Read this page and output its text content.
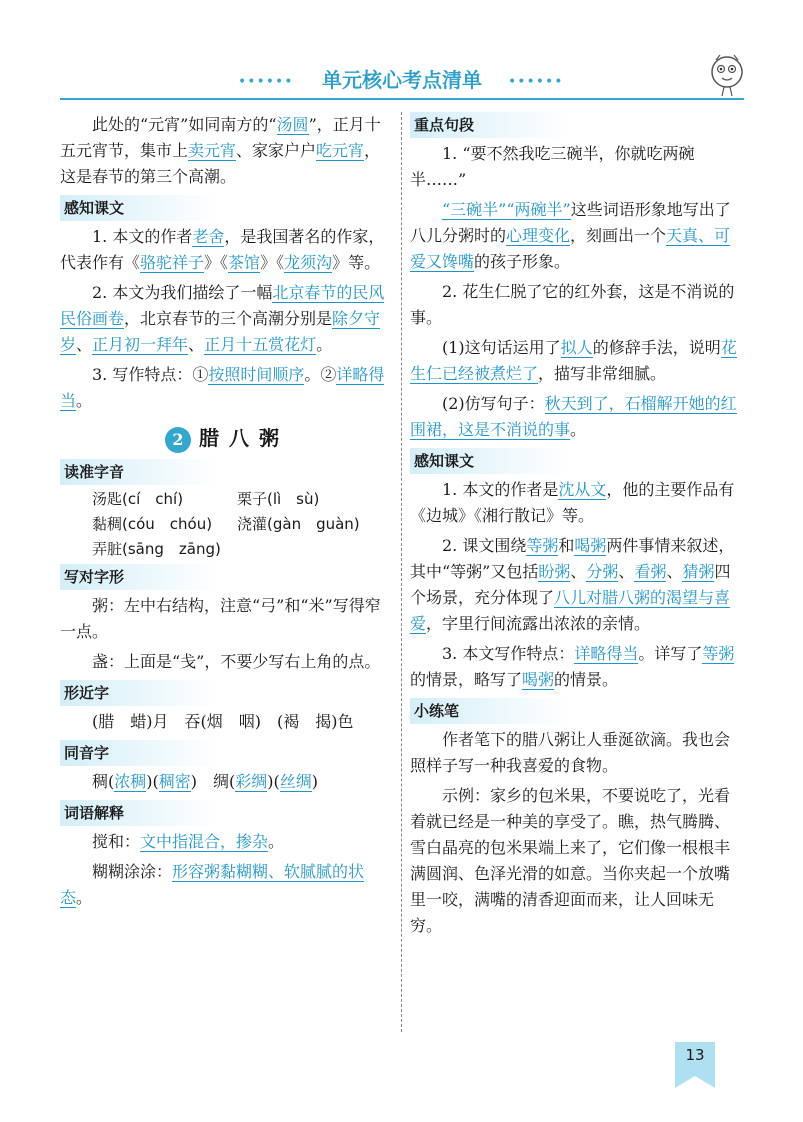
••••••	单元核心考点清单	••••••

此处的“元宵”如同南方的“汤圆”，正月十五元宵节，集市上卖元宵、家家户户吃元宵，这是春节的第三个高潮。

感知课文

1. 本文的作者老舍，是我国著名的作家，代表作有《骆驼祥子》《茶馆》《龙须沟》等。

2. 本文为我们描绘了一幅北京春节的民风民俗画卷，北京春节的三个高潮分别是除夕守岁、正月初一拜年、正月十五赏花灯。

3. 写作特点：①按照时间顺序。②详略得当。

2 腊八粥
读准字音
汤匙(cí　chí)	栗子(lì　sù)
黏稠(cóu　chóu)	浇灌(gàn　guàn)
弄脏(sāng　zāng)
写对字形

粥：左中右结构，注意“弓”和“米”写得窄一点。

盏：上面是“戋”，不要少写右上角的点。

形近字

(腊　蜡)月　吞(烟　咽)　(褐　揭)色

同音字

稠(浓稠)(稠密)　绸(彩绸)(丝绸)

词语解释

搅和：文中指混合，掺杂。

糊糊涂涂：形容粥黏糊糊、软腻腻的状态。

重点句段

1. “要不然我吃三碗半，你就吃两碗半……”

“三碗半”“两碗半”这些词语形象地写出了八儿分粥时的心理变化，刻画出一个天真、可爱又馋嘴的孩子形象。

2. 花生仁脱了它的红外套，这是不消说的事。

(1)这句话运用了拟人的修辞手法，说明花生仁已经被煮烂了，描写非常细腻。

(2)仿写句子：秋天到了，石榴解开她的红围裙，这是不消说的事。

感知课文

1. 本文的作者是沈从文，他的主要作品有《边城》《湘行散记》等。

2. 课文围绕等粥和喝粥两件事情来叙述，其中“等粥”又包括盼粥、分粥、看粥、猜粥四个场景，充分体现了八儿对腊八粥的渴望与喜爱，字里行间流露出浓浓的亲情。

3. 本文写作特点：详略得当。详写了等粥的情景，略写了喝粥的情景。

小练笔

作者笔下的腊八粥让人垂涎欲滴。我也会照样子写一种我喜爱的食物。

示例：家乡的包米果，不要说吃了，光看着就已经是一种美的享受了。瞧，热气腾腾、雪白晶亮的包米果端上来了，它们像一根根丰满圆润、色泽光滑的如意。当你夹起一个放嘴里一咬，满嘴的清香迎面而来，让人回味无穷。

13
